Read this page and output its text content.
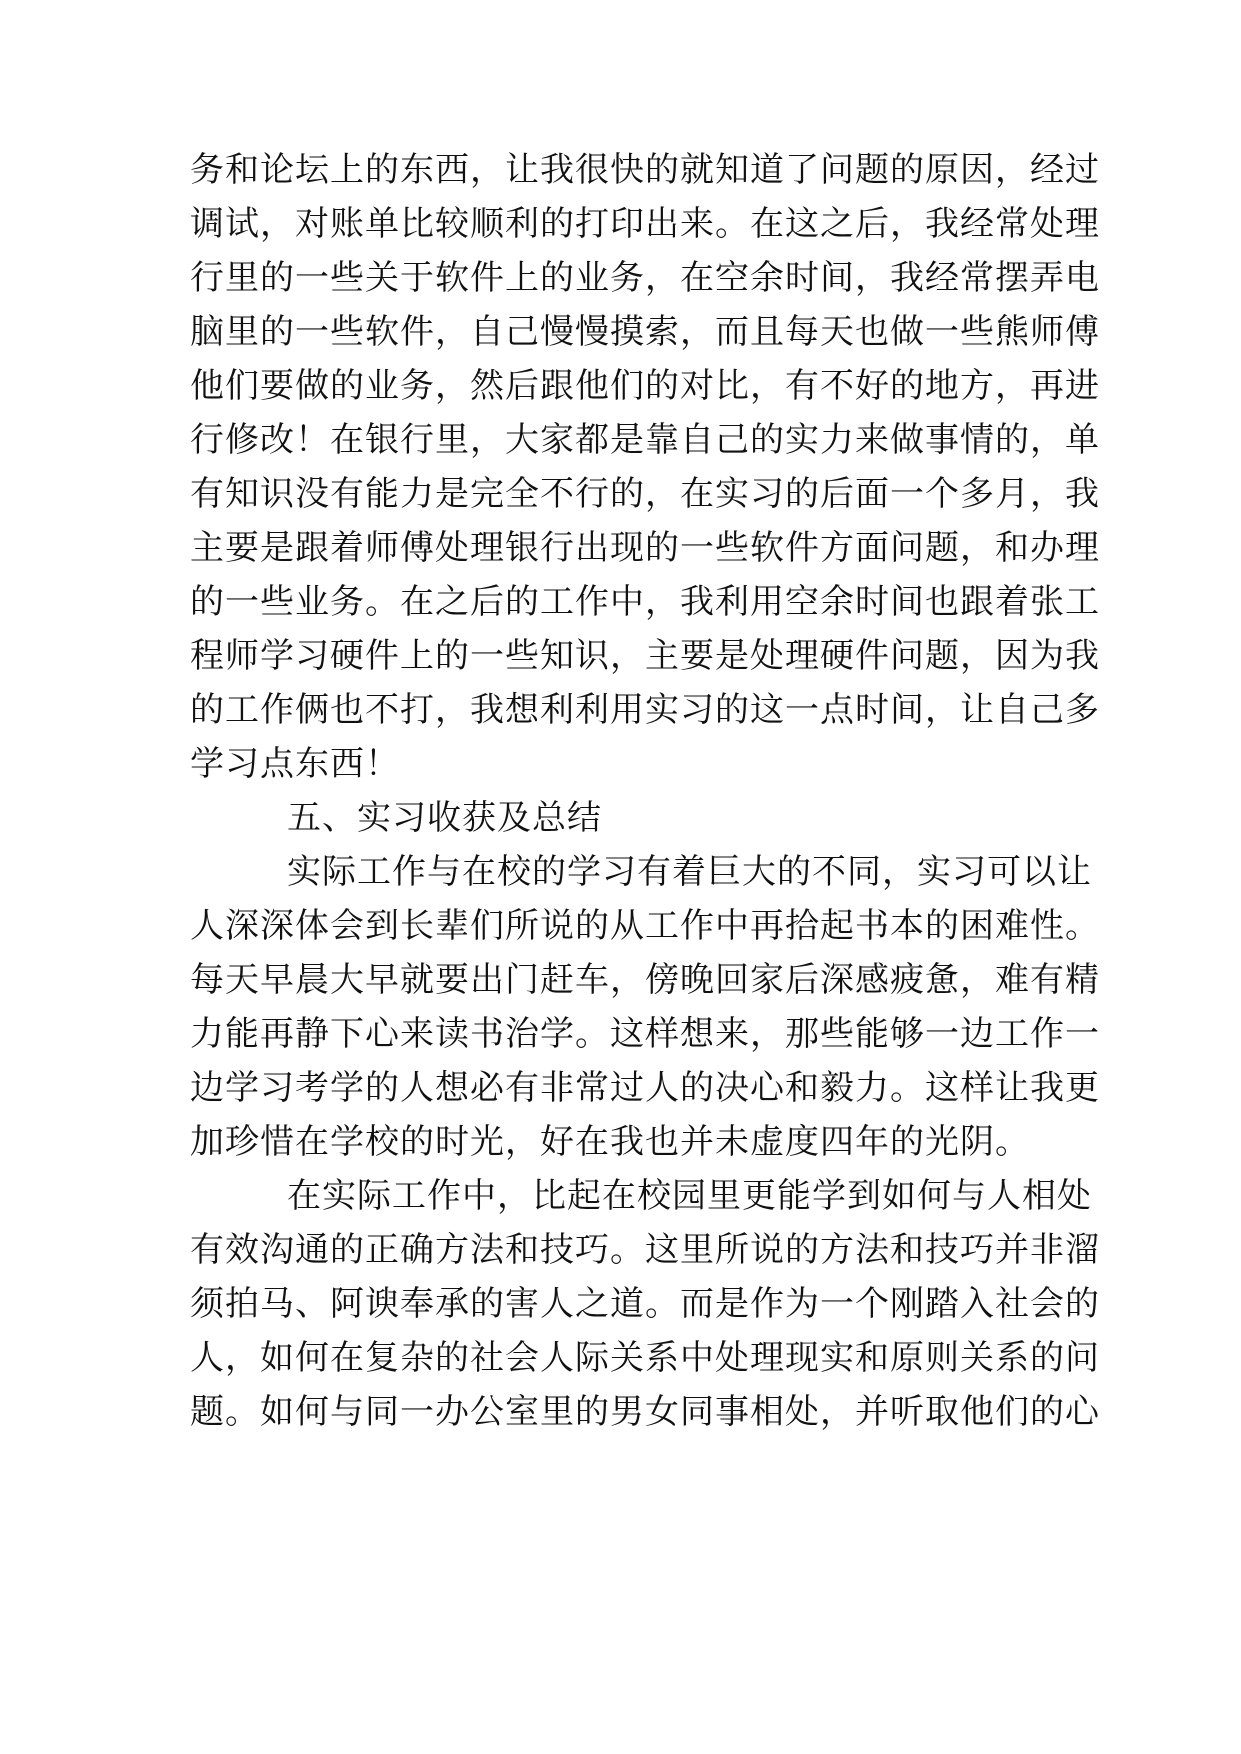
务和论坛上的东西，让我很快的就知道了问题的原因，经过
调试，对账单比较顺利的打印出来。在这之后，我经常处理
行里的一些关于软件上的业务，在空余时间，我经常摆弄电
脑里的一些软件，自己慢慢摸索，而且每天也做一些熊师傅
他们要做的业务，然后跟他们的对比，有不好的地方，再进
行修改！在银行里，大家都是靠自己的实力来做事情的，单
有知识没有能力是完全不行的，在实习的后面一个多月，我
主要是跟着师傅处理银行出现的一些软件方面问题，和办理
的一些业务。在之后的工作中，我利用空余时间也跟着张工
程师学习硬件上的一些知识，主要是处理硬件问题，因为我
的工作俩也不打，我想利利用实习的这一点时间，让自己多
学习点东西！
五、实习收获及总结
实际工作与在校的学习有着巨大的不同，实习可以让
人深深体会到长辈们所说的从工作中再拾起书本的困难性。
每天早晨大早就要出门赶车，傍晚回家后深感疲惫，难有精
力能再静下心来读书治学。这样想来，那些能够一边工作一
边学习考学的人想必有非常过人的决心和毅力。这样让我更
加珍惜在学校的时光，好在我也并未虚度四年的光阴。
在实际工作中，比起在校园里更能学到如何与人相处
有效沟通的正确方法和技巧。这里所说的方法和技巧并非溜
须拍马、阿谀奉承的害人之道。而是作为一个刚踏入社会的
人，如何在复杂的社会人际关系中处理现实和原则关系的问
题。如何与同一办公室里的男女同事相处，并听取他们的心
